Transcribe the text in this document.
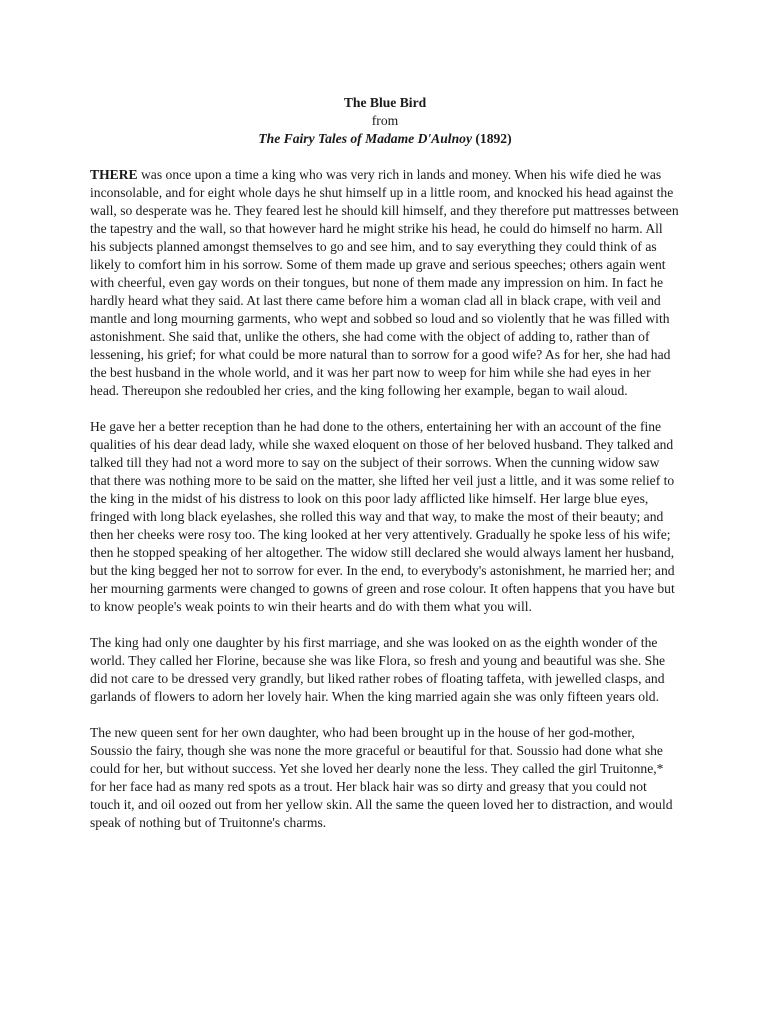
The Blue Bird
from
The Fairy Tales of Madame D'Aulnoy (1892)

THERE was once upon a time a king who was very rich in lands and money. When his wife died he was inconsolable, and for eight whole days he shut himself up in a little room, and knocked his head against the wall, so desperate was he. They feared lest he should kill himself, and they therefore put mattresses between the tapestry and the wall, so that however hard he might strike his head, he could do himself no harm. All his subjects planned amongst themselves to go and see him, and to say everything they could think of as likely to comfort him in his sorrow. Some of them made up grave and serious speeches; others again went with cheerful, even gay words on their tongues, but none of them made any impression on him. In fact he hardly heard what they said. At last there came before him a woman clad all in black crape, with veil and mantle and long mourning garments, who wept and sobbed so loud and so violently that he was filled with astonishment. She said that, unlike the others, she had come with the object of adding to, rather than of lessening, his grief; for what could be more natural than to sorrow for a good wife? As for her, she had had the best husband in the whole world, and it was her part now to weep for him while she had eyes in her head. Thereupon she redoubled her cries, and the king following her example, began to wail aloud.

He gave her a better reception than he had done to the others, entertaining her with an account of the fine qualities of his dear dead lady, while she waxed eloquent on those of her beloved husband. They talked and talked till they had not a word more to say on the subject of their sorrows. When the cunning widow saw that there was nothing more to be said on the matter, she lifted her veil just a little, and it was some relief to the king in the midst of his distress to look on this poor lady afflicted like himself. Her large blue eyes, fringed with long black eyelashes, she rolled this way and that way, to make the most of their beauty; and then her cheeks were rosy too. The king looked at her very attentively. Gradually he spoke less of his wife; then he stopped speaking of her altogether. The widow still declared she would always lament her husband, but the king begged her not to sorrow for ever. In the end, to everybody's astonishment, he married her; and her mourning garments were changed to gowns of green and rose colour. It often happens that you have but to know people's weak points to win their hearts and do with them what you will.

The king had only one daughter by his first marriage, and she was looked on as the eighth wonder of the world. They called her Florine, because she was like Flora, so fresh and young and beautiful was she. She did not care to be dressed very grandly, but liked rather robes of floating taffeta, with jewelled clasps, and garlands of flowers to adorn her lovely hair. When the king married again she was only fifteen years old.

The new queen sent for her own daughter, who had been brought up in the house of her god-mother, Soussio the fairy, though she was none the more graceful or beautiful for that. Soussio had done what she could for her, but without success. Yet she loved her dearly none the less. They called the girl Truitonne,* for her face had as many red spots as a trout. Her black hair was so dirty and greasy that you could not touch it, and oil oozed out from her yellow skin. All the same the queen loved her to distraction, and would speak of nothing but of Truitonne's charms.
